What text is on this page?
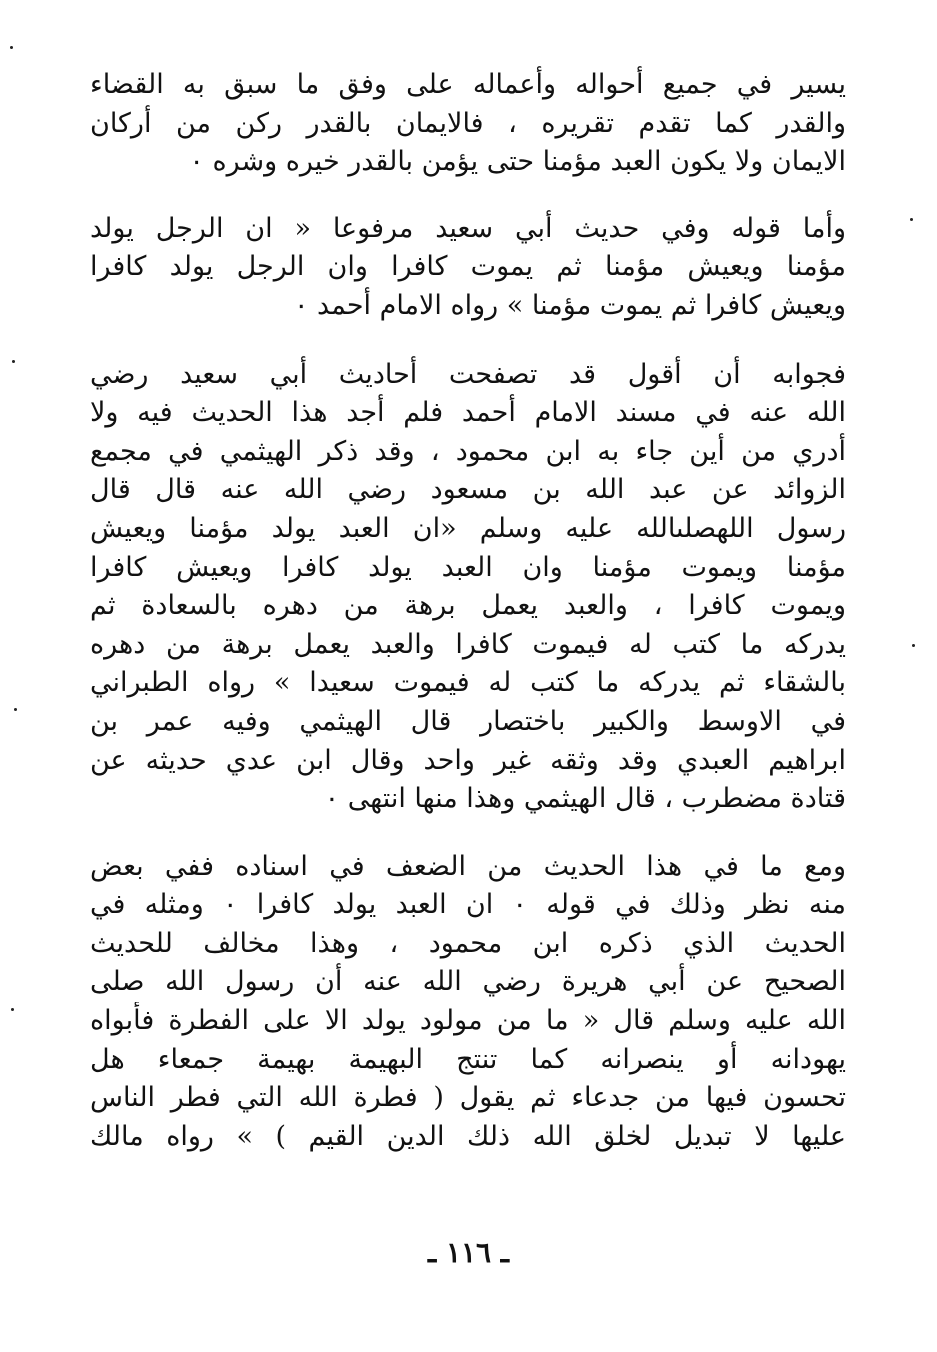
يسير في جميع أحواله وأعماله على وفق ما سبق به القضاء
والقدر كما تقدم تقريره ، فالايمان بالقدر ركن من أركان
الايمان ولا يكون العبد مؤمنا حتى يؤمن بالقدر خيره وشره ٠
وأما قوله وفي حديث أبي سعيد مرفوعا « ان الرجل يولد
مؤمنا ويعيش مؤمنا ثم يموت كافرا وان الرجل يولد كافرا
ويعيش كافرا ثم يموت مؤمنا » رواه الامام أحمد ٠
فجوابه أن أقول قد تصفحت أحاديث أبي سعيد رضي
الله عنه في مسند الامام أحمد فلم أجد هذا الحديث فيه ولا
أدري من أين جاء به ابن محمود ، وقد ذكر الهيثمي في مجمع
الزوائد عن عبد الله بن مسعود رضي الله عنه قال قال
رسول اللهصلىالله عليه وسلم «ان العبد يولد مؤمنا ويعيش
مؤمنا ويموت مؤمنا وان العبد يولد كافرا ويعيش كافرا
ويموت كافرا ، والعبد يعمل برهة من دهره بالسعادة ثم
يدركه ما كتب له فيموت كافرا والعبد يعمل برهة من دهره
بالشقاء ثم يدركه ما كتب له فيموت سعيدا » رواه الطبراني
في الاوسط والكبير باختصار قال الهيثمي وفيه عمر بن
ابراهيم العبدي وقد وثقه غير واحد وقال ابن عدي حديثه عن
قتادة مضطرب ، قال الهيثمي وهذا منها انتهى ٠
ومع ما في هذا الحديث من الضعف في اسناده ففي بعض
منه نظر وذلك في قوله ٠ ان العبد يولد كافرا ٠ ومثله في
الحديث الذي ذكره ابن محمود ، وهذا مخالف للحديث
الصحيح عن أبي هريرة رضي الله عنه أن رسول الله صلى
الله عليه وسلم قال « ما من مولود يولد الا على الفطرة فأبواه
يهودانه أو ينصرانه كما تنتج البهيمة بهيمة جمعاء هل
تحسون فيها من جدعاء ثم يقول ( فطرة الله التي فطر الناس
عليها لا تبديل لخلق الله ذلك الدين القيم ) » رواه مالك
ـ ١١٦ ـ
